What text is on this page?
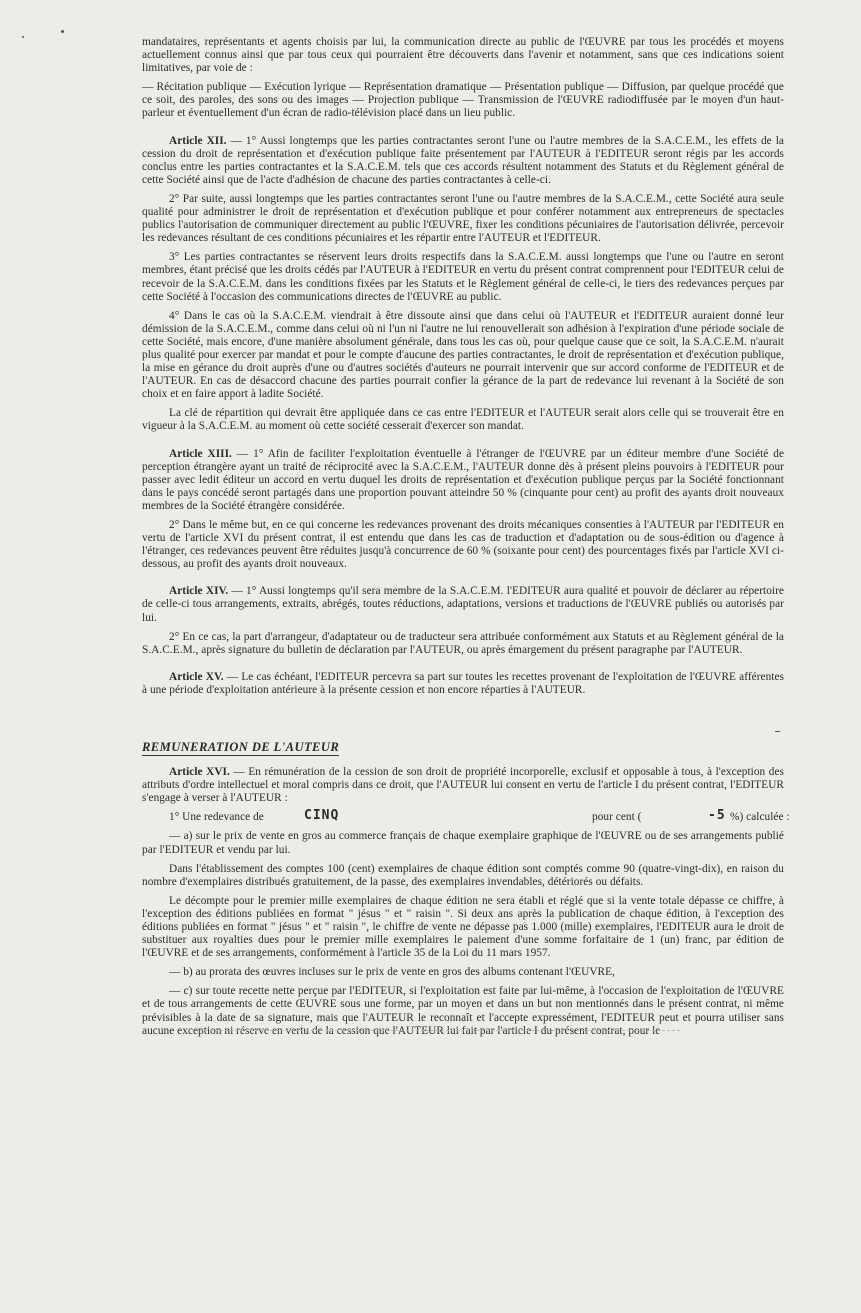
mandataires, représentants et agents choisis par lui, la communication directe au public de l'ŒUVRE par tous les procédés et moyens actuellement connus ainsi que par tous ceux qui pourraient être découverts dans l'avenir et notamment, sans que ces indications soient limitatives, par voie de :

— Récitation publique — Exécution lyrique — Représentation dramatique — Présentation publique — Diffusion, par quelque procédé que ce soit, des paroles, des sons ou des images — Projection publique — Transmission de l'ŒUVRE radiodiffusée par le moyen d'un haut-parleur et éventuellement d'un écran de radio-télévision placé dans un lieu public.

Article XII. — 1° Aussi longtemps que les parties contractantes seront l'une ou l'autre membres de la S.A.C.E.M., les effets de la cession du droit de représentation et d'exécution publique faite présentement par l'AUTEUR à l'EDITEUR seront régis par les accords conclus entre les parties contractantes et la S.A.C.E.M. tels que ces accords résultent notamment des Statuts et du Règlement général de cette Société ainsi que de l'acte d'adhésion de chacune des parties contractantes à celle-ci.

2° Par suite, aussi longtemps que les parties contractantes seront l'une ou l'autre membres de la S.A.C.E.M., cette Société aura seule qualité pour administrer le droit de représentation et d'exécution publique et pour conférer notamment aux entrepreneurs de spectacles publics l'autorisation de communiquer directement au public l'ŒUVRE, fixer les conditions pécuniaires de l'autorisation délivrée, percevoir les redevances résultant de ces conditions pécuniaires et les répartir entre l'AUTEUR et l'EDITEUR.

3° Les parties contractantes se réservent leurs droits respectifs dans la S.A.C.E.M. aussi longtemps que l'une ou l'autre en seront membres, étant précisé que les droits cédés par l'AUTEUR à l'EDITEUR en vertu du présent contrat comprennent pour l'EDITEUR celui de recevoir de la S.A.C.E.M. dans les conditions fixées par les Statuts et le Règlement général de celle-ci, le tiers des redevances perçues par cette Société à l'occasion des communications directes de l'ŒUVRE au public.

4° Dans le cas où la S.A.C.E.M. viendrait à être dissoute ainsi que dans celui où l'AUTEUR et l'EDITEUR auraient donné leur démission de la S.A.C.E.M., comme dans celui où ni l'un ni l'autre ne lui renouvellerait son adhésion à l'expiration d'une période sociale de cette Société, mais encore, d'une manière absolument générale, dans tous les cas où, pour quelque cause que ce soit, la S.A.C.E.M. n'aurait plus qualité pour exercer par mandat et pour le compte d'aucune des parties contractantes, le droit de représentation et d'exécution publique, la mise en gérance du droit auprès d'une ou d'autres sociétés d'auteurs ne pourrait intervenir que sur accord conforme de l'EDITEUR et de l'AUTEUR. En cas de désaccord chacune des parties pourrait confier la gérance de la part de redevance lui revenant à la Société de son choix et en faire apport à ladite Société.

La clé de répartition qui devrait être appliquée dans ce cas entre l'EDITEUR et l'AUTEUR serait alors celle qui se trouverait être en vigueur à la S.A.C.E.M. au moment où cette société cesserait d'exercer son mandat.

Article XIII. — 1° Afin de faciliter l'exploitation éventuelle à l'étranger de l'ŒUVRE par un éditeur membre d'une Société de perception étrangère ayant un traité de réciprocité avec la S.A.C.E.M., l'AUTEUR donne dès à présent pleins pouvoirs à l'EDITEUR pour passer avec ledit éditeur un accord en vertu duquel les droits de représentation et d'exécution publique perçus par la Société fonctionnant dans le pays concédé seront partagés dans une proportion pouvant atteindre 50 % (cinquante pour cent) au profit des ayants droit nouveaux membres de la Société étrangère considérée.

2° Dans le même but, en ce qui concerne les redevances provenant des droits mécaniques consenties à l'AUTEUR par l'EDITEUR en vertu de l'article XVI du présent contrat, il est entendu que dans les cas de traduction et d'adaptation ou de sous-édition ou d'agence à l'étranger, ces redevances peuvent être réduites jusqu'à concurrence de 60 % (soixante pour cent) des pourcentages fixés par l'article XVI ci-dessous, au profit des ayants droit nouveaux.

Article XIV. — 1° Aussi longtemps qu'il sera membre de la S.A.C.E.M. l'EDITEUR aura qualité et pouvoir de déclarer au répertoire de celle-ci tous arrangements, extraits, abrégés, toutes réductions, adaptations, versions et traductions de l'ŒUVRE publiés ou autorisés par lui.

2° En ce cas, la part d'arrangeur, d'adaptateur ou de traducteur sera attribuée conformément aux Statuts et au Règlement général de la S.A.C.E.M., après signature du bulletin de déclaration par l'AUTEUR, ou après émargement du présent paragraphe par l'AUTEUR.

Article XV. — Le cas échéant, l'EDITEUR percevra sa part sur toutes les recettes provenant de l'exploitation de l'ŒUVRE afférentes à une période d'exploitation antérieure à la présente cession et non encore réparties à l'AUTEUR.

REMUNERATION DE L'AUTEUR

Article XVI. — En rémunération de la cession de son droit de propriété incorporelle, exclusif et opposable à tous, à l'exception des attributs d'ordre intellectuel et moral compris dans ce droit, que l'AUTEUR lui consent en vertu de l'article I du présent contrat, l'EDITEUR s'engage à verser à l'AUTEUR :

1° Une redevance de	CINQ	pour cent (	-5 %) calculée :

— a) sur le prix de vente en gros au commerce français de chaque exemplaire graphique de l'ŒUVRE ou de ses arrangements publié par l'EDITEUR et vendu par lui.

Dans l'établissement des comptes 100 (cent) exemplaires de chaque édition sont comptés comme 90 (quatre-vingt-dix), en raison du nombre d'exemplaires distribués gratuitement, de la passe, des exemplaires invendables, détériorés ou défaits.

Le décompte pour le premier mille exemplaires de chaque édition ne sera établi et réglé que si la vente totale dépasse ce chiffre, à l'exception des éditions publiées en format " jésus " et " raisin ". Si deux ans après la publication de chaque édition, à l'exception des éditions publiées en format " jésus " et " raisin ", le chiffre de vente ne dépasse pas 1.000 (mille) exemplaires, l'EDITEUR aura le droit de substituer aux royalties dues pour le premier mille exemplaires le paiement d'une somme forfaitaire de 1 (un) franc, par édition de l'ŒUVRE et de ses arrangements, conformément à l'article 35 de la Loi du 11 mars 1957.

— b) au prorata des œuvres incluses sur le prix de vente en gros des albums contenant l'ŒUVRE,

— c) sur toute recette nette perçue par l'EDITEUR, si l'exploitation est faite par lui-même, à l'occasion de l'exploitation de l'ŒUVRE et de tous arrangements de cette ŒUVRE sous une forme, par un moyen et dans un but non mentionnés dans le présent contrat, ni même prévisibles à la date de sa signature, mais que l'AUTEUR le reconnaît et l'accepte expressément, l'EDITEUR peut et pourra utiliser sans aucune exception ni réserve en vertu de la cession que l'AUTEUR lui fait par l'article I du présent contrat, pour le
